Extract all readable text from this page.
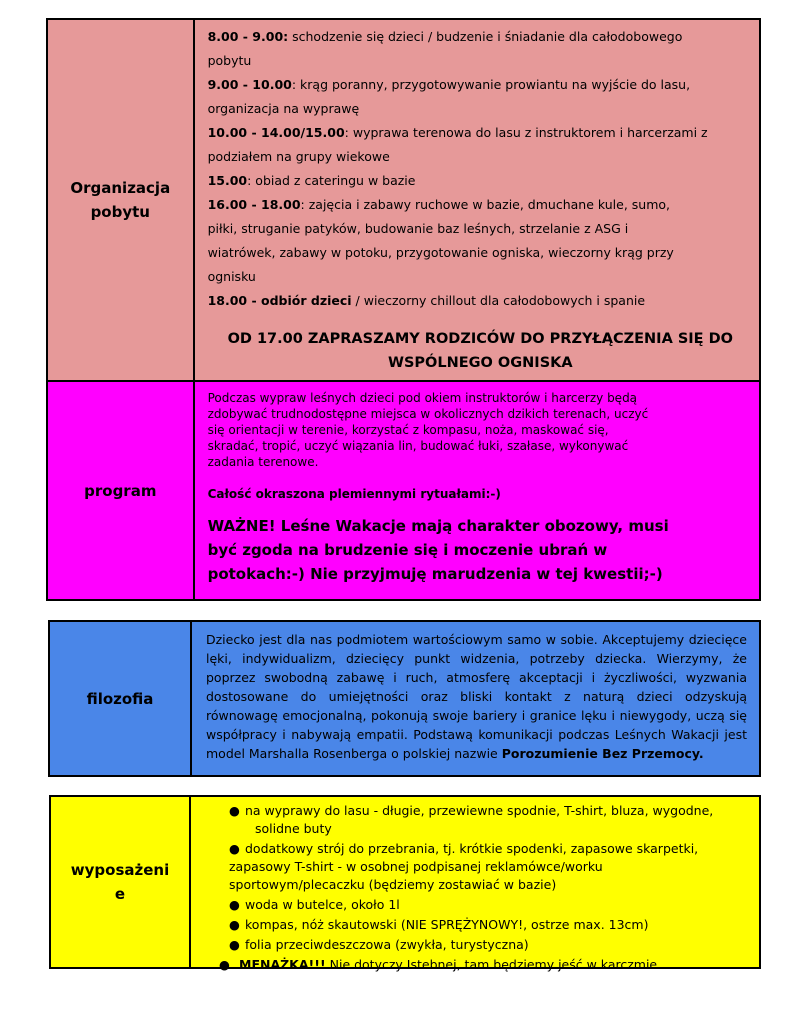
Organizacja
pobytu

8.00 - 9.00: schodzenie się dzieci / budzenie i śniadanie dla całodobowego

pobytu

9.00 - 10.00: krąg poranny, przygotowywanie prowiantu na wyjście do lasu,

organizacja na wyprawę

10.00 - 14.00/15.00: wyprawa terenowa do lasu z instruktorem i harcerzami z

podziałem na grupy wiekowe

15.00: obiad z cateringu w bazie

16.00 - 18.00: zajęcia i zabawy ruchowe w bazie, dmuchane kule, sumo,

piłki, struganie patyków, budowanie baz leśnych, strzelanie z ASG i

wiatrówek, zabawy w potoku, przygotowanie ogniska, wieczorny krąg przy

ognisku

18.00 - odbiór dzieci / wieczorny chillout dla całodobowych i spanie

OD 17.00 ZAPRASZAMY RODZICÓW DO PRZYŁĄCZENIA SIĘ DO
WSPÓLNEGO OGNISKA
program

Podczas wypraw leśnych dzieci pod okiem instruktorów i harcerzy będą

zdobywać trudnodostępne miejsca w okolicznych dzikich terenach, uczyć

się orientacji w terenie, korzystać z kompasu, noża, maskować się,

skradać, tropić, uczyć wiązania lin, budować łuki, szałase, wykonywać

zadania terenowe.

Całość okraszona plemiennymi rytuałami:-)

WAŻNE! Leśne Wakacje mają charakter obozowy, musi
być zgoda na brudzenie się i moczenie ubrań w
potokach:-) Nie przyjmuję marudzenia w tej kwestii;-)
filozofia

Dziecko jest dla nas podmiotem wartościowym samo w sobie. Akceptujemy dziecięce lęki, indywidualizm, dziecięcy punkt widzenia, potrzeby dziecka. Wierzymy, że poprzez swobodną zabawę i ruch, atmosferę akceptacji i życzliwości, wyzwania dostosowane do umiejętności oraz bliski kontakt z naturą dzieci odzyskują równowagę emocjonalną, pokonują swoje bariery i granice lęku i niewygody, uczą się współpracy i nabywają empatii. Podstawą komunikacji podczas Leśnych Wakacji jest model Marshalla Rosenberga o polskiej nazwie Porozumienie Bez Przemocy.

wyposażeni
e
● na wyprawy do lasu - długie, przewiewne spodnie, T-shirt, bluza, wygodne,
solidne buty
● dodatkowy strój do przebrania, tj. krótkie spodenki, zapasowe skarpetki,
zapasowy T-shirt - w osobnej podpisanej reklamówce/worku
sportowym/plecaczku (będziemy zostawiać w bazie)
● woda w butelce, około 1l
● kompas, nóż skautowski (NIE SPRĘŻYNOWY!, ostrze max. 13cm)
● folia przeciwdeszczowa (zwykła, turystyczna)
● MENAŻKA!!! Nie dotyczy Istebnej, tam będziemy jeść w karczmie
